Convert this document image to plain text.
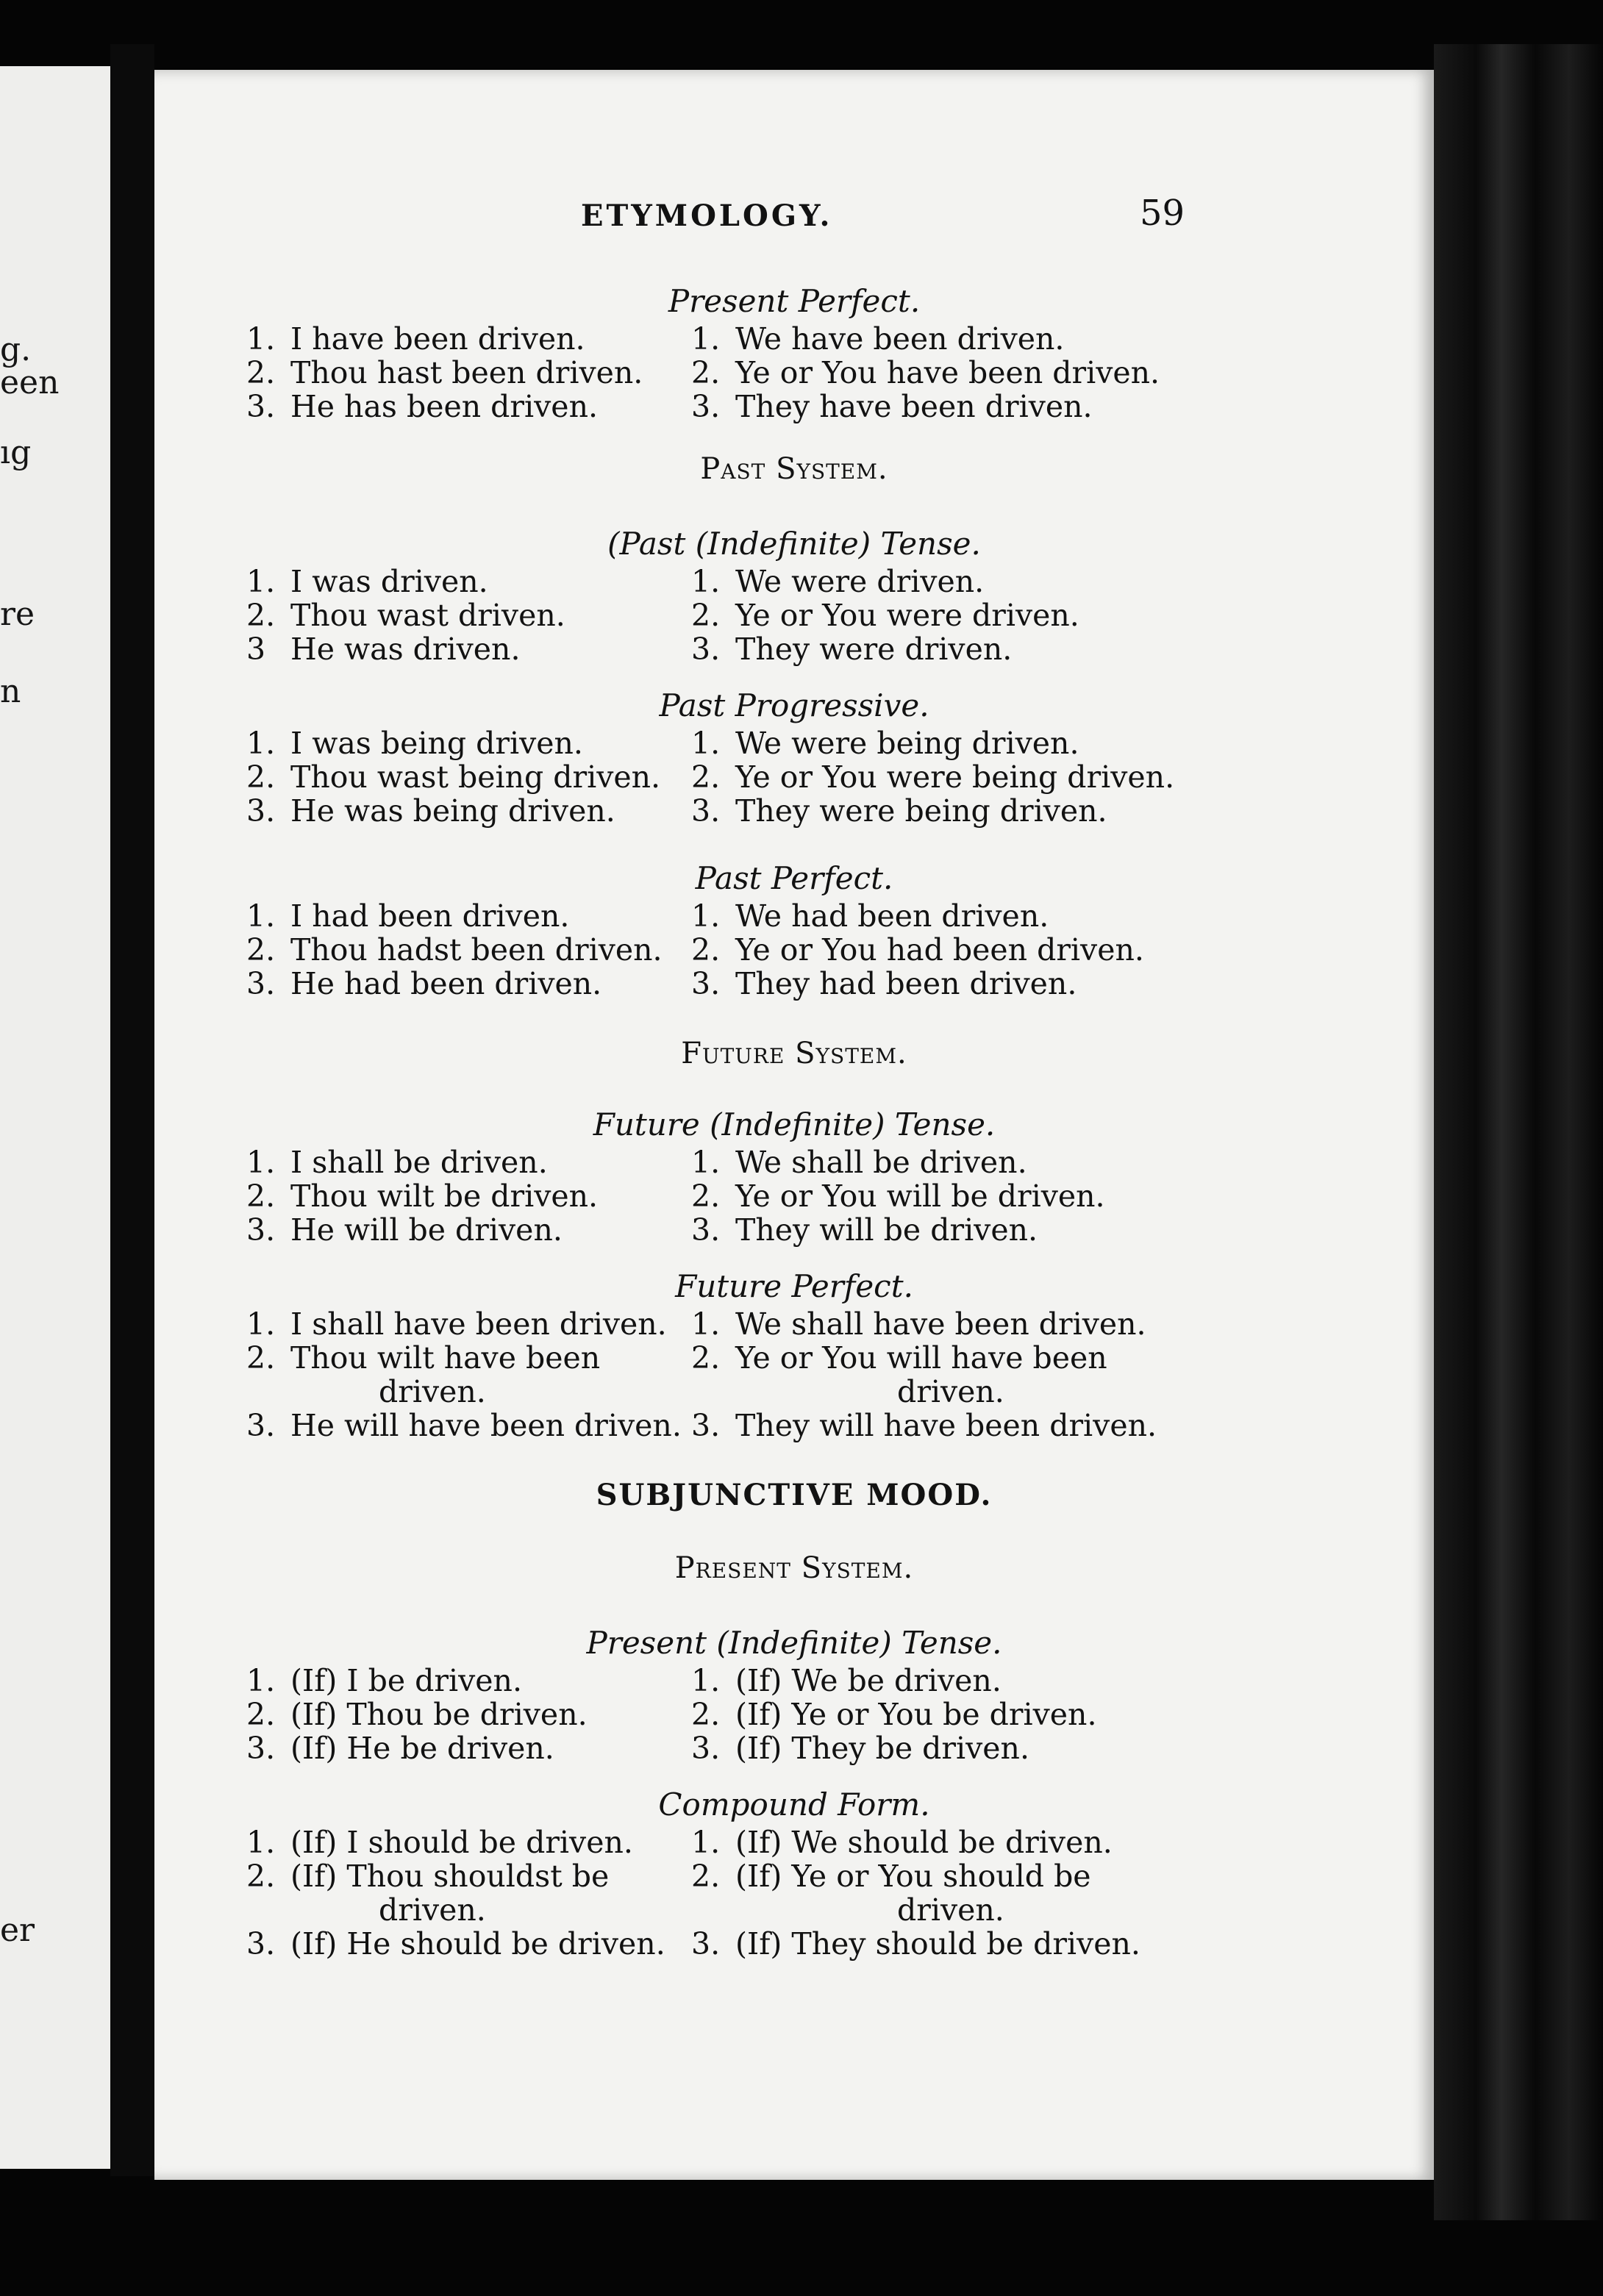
g.
een
ıg
re
n
er
ETYMOLOGY.	59
Present Perfect.
1. I have been driven.	1. We have been driven.
2. Thou hast been driven. 2. Ye or You have been driven.
3. He has been driven.	3. They have been driven.
Past System.
(Past (Indefinite) Tense.
1. I was driven.	1. We were driven.
2. Thou wast driven.	2. Ye or You were driven.
3 He was driven.	3. They were driven.
Past Progressive.
1. I was being driven.	1. We were being driven.
2. Thou wast being driven. 2. Ye or You were being driven.
3. He was being driven.	3. They were being driven.
Past Perfect.
1. I had been driven.	1. We had been driven.
2. Thou hadst been driven. 2. Ye or You had been driven.
3. He had been driven.	3. They had been driven.
Future System.
Future (Indefinite) Tense.
1. I shall be driven.	1. We shall be driven.
2. Thou wilt be driven.	2. Ye or You will be driven.
3. He will be driven.	3. They will be driven.
Future Perfect.
1. I shall have been driven. 1. We shall have been driven.
2. Thou wilt have been	2. Ye or You will have been
driven.	driven.
3. He will have been driven. 3. They will have been driven.
SUBJUNCTIVE MOOD.
Present System.
Present (Indefinite) Tense.
1. (If) I be driven.	1. (If) We be driven.
2. (If) Thou be driven.	2. (If) Ye or You be driven.
3. (If) He be driven.	3. (If) They be driven.
Compound Form.
1. (If) I should be driven. 1. (If) We should be driven.
2. (If) Thou shouldst be	2. (If) Ye or You should be
driven.	driven.
3. (If) He should be driven. 3. (If) They should be driven.
